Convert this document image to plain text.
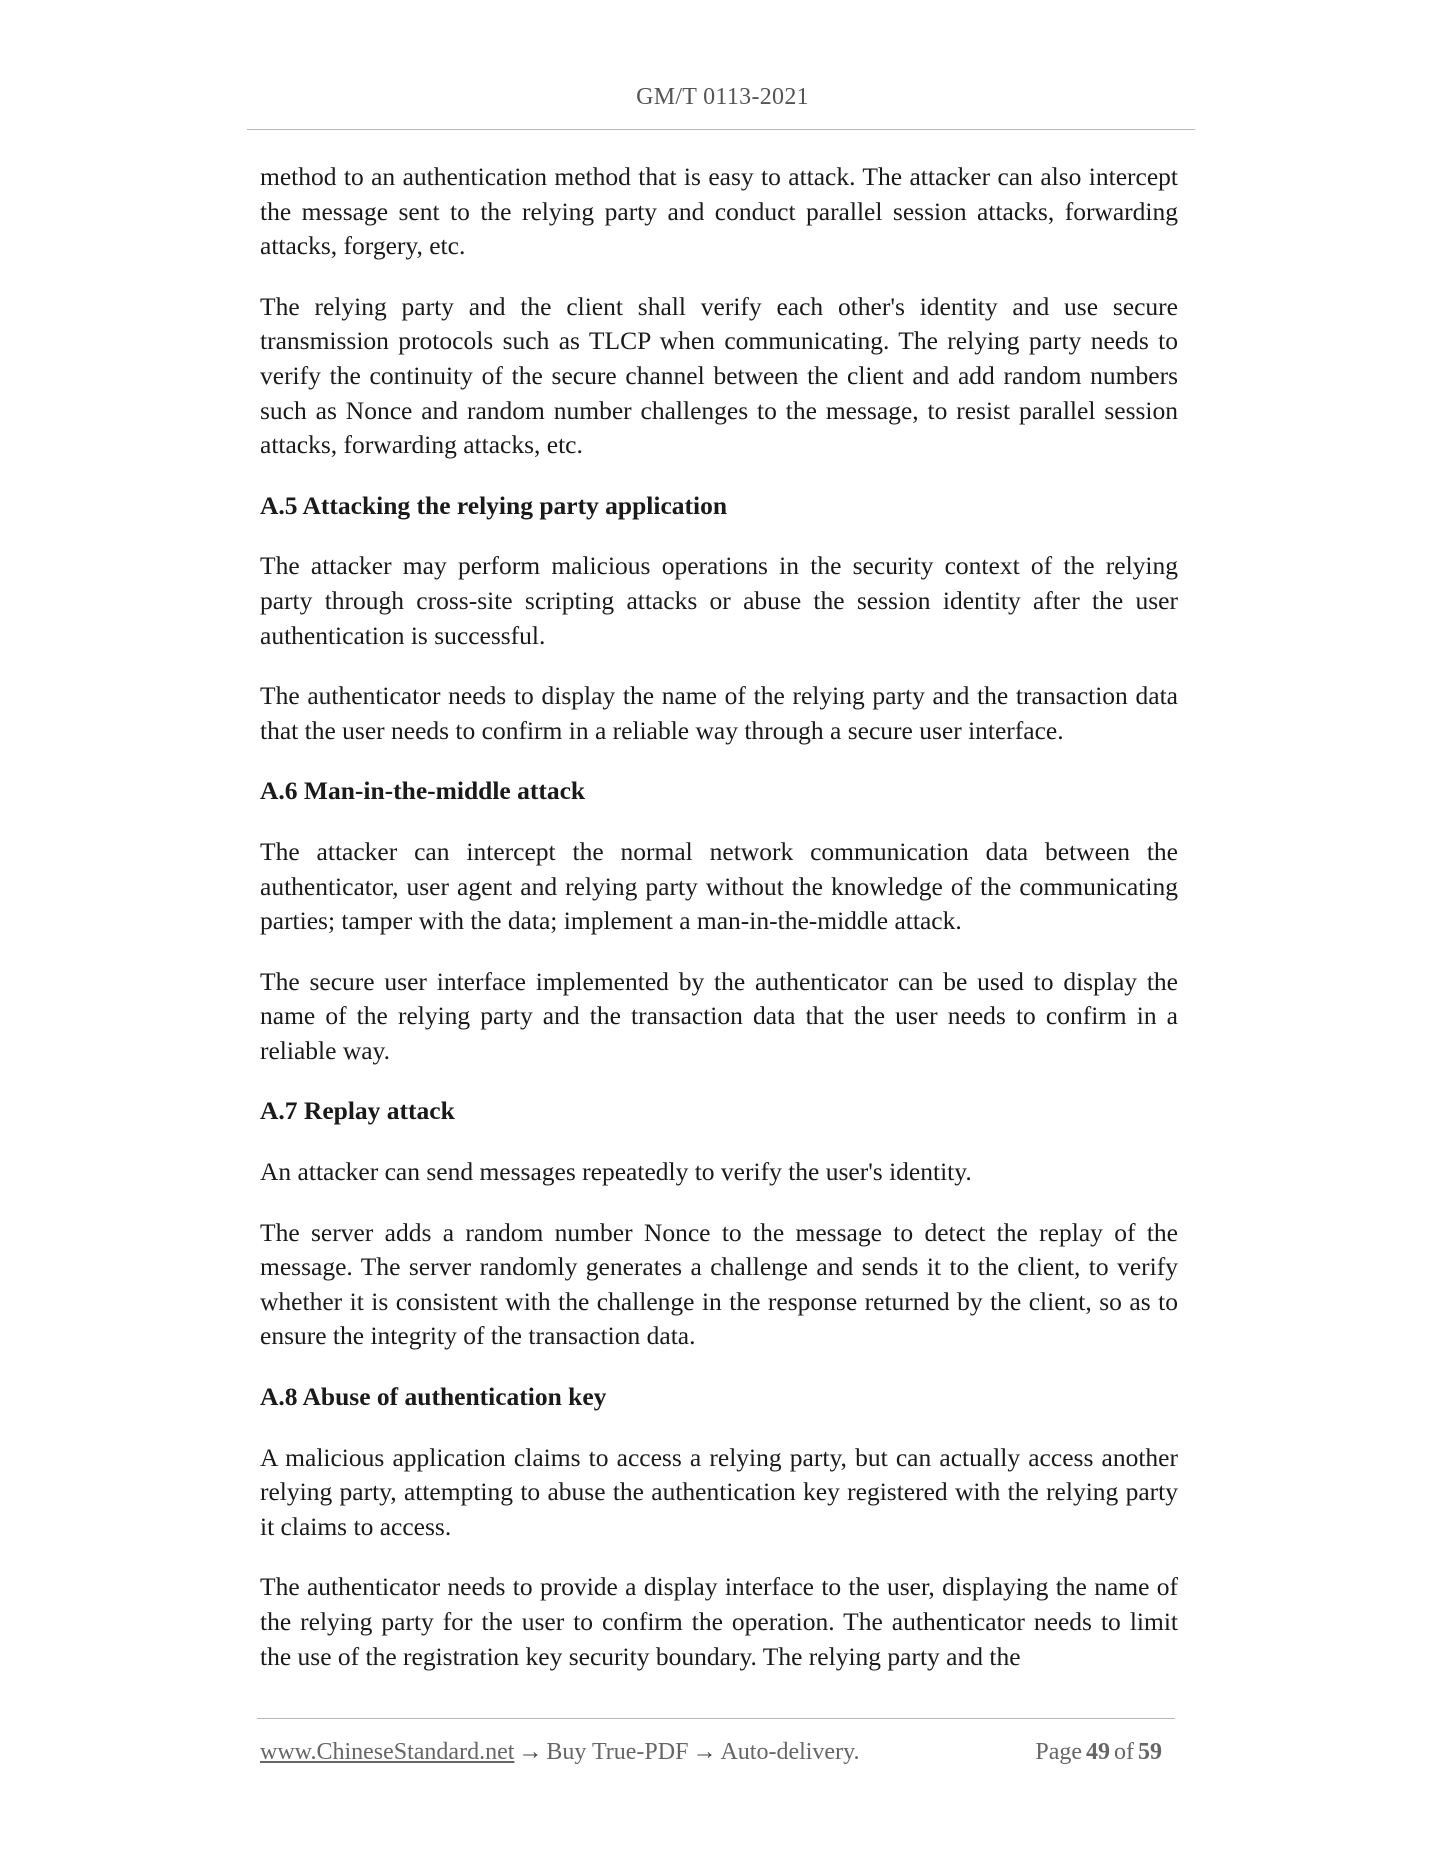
GM/T 0113-2021

method to an authentication method that is easy to attack. The attacker can also intercept the message sent to the relying party and conduct parallel session attacks, forwarding attacks, forgery, etc.

The relying party and the client shall verify each other's identity and use secure transmission protocols such as TLCP when communicating. The relying party needs to verify the continuity of the secure channel between the client and add random numbers such as Nonce and random number challenges to the message, to resist parallel session attacks, forwarding attacks, etc.

A.5 Attacking the relying party application

The attacker may perform malicious operations in the security context of the relying party through cross-site scripting attacks or abuse the session identity after the user authentication is successful.

The authenticator needs to display the name of the relying party and the transaction data that the user needs to confirm in a reliable way through a secure user interface.

A.6 Man-in-the-middle attack

The attacker can intercept the normal network communication data between the authenticator, user agent and relying party without the knowledge of the communicating parties; tamper with the data; implement a man-in-the-middle attack.

The secure user interface implemented by the authenticator can be used to display the name of the relying party and the transaction data that the user needs to confirm in a reliable way.

A.7 Replay attack

An attacker can send messages repeatedly to verify the user's identity.

The server adds a random number Nonce to the message to detect the replay of the message. The server randomly generates a challenge and sends it to the client, to verify whether it is consistent with the challenge in the response returned by the client, so as to ensure the integrity of the transaction data.

A.8 Abuse of authentication key

A malicious application claims to access a relying party, but can actually access another relying party, attempting to abuse the authentication key registered with the relying party it claims to access.

The authenticator needs to provide a display interface to the user, displaying the name of the relying party for the user to confirm the operation. The authenticator needs to limit the use of the registration key security boundary. The relying party and the

www.ChineseStandard.net → Buy True-PDF → Auto-delivery.	Page 49 of 59
